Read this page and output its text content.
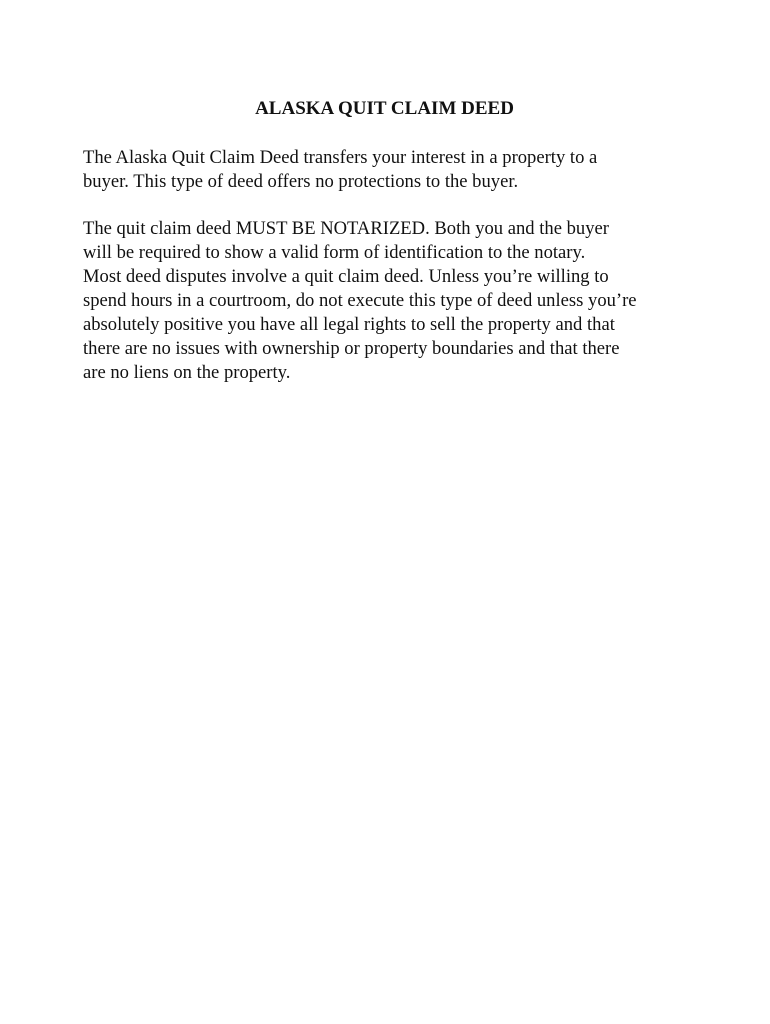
ALASKA QUIT CLAIM DEED

The Alaska Quit Claim Deed transfers your interest in a property to a
buyer. This type of deed offers no protections to the buyer.

The quit claim deed MUST BE NOTARIZED. Both you and the buyer
will be required to show a valid form of identification to the notary.
Most deed disputes involve a quit claim deed. Unless you’re willing to
spend hours in a courtroom, do not execute this type of deed unless you’re
absolutely positive you have all legal rights to sell the property and that
there are no issues with ownership or property boundaries and that there
are no liens on the property.
